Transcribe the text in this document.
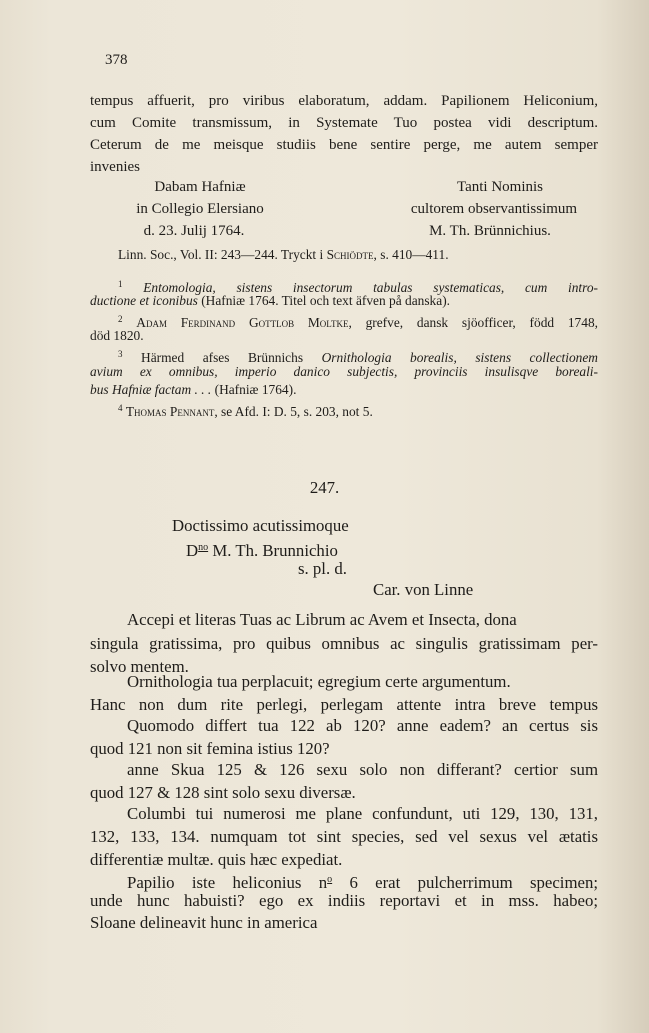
378
tempus affuerit, pro viribus elaboratum, addam. Papilionem Heliconium,
cum Comite transmissum, in Systemate Tuo postea vidi descriptum.
Ceterum de me meisque studiis bene sentire perge, me autem semper
invenies
Dabam Hafniæ
in Collegio Elersiano
d. 23. Julij 1764.
Tanti Nominis
cultorem observantissimum
M. Th. Brünnichius.
Linn. Soc., Vol. II: 243—244. Tryckt i Schiödte, s. 410—411.
$^1$ Entomologia, sistens insectorum tabulas systematicas, cum intro-
ductione et iconibus (Hafniæ 1764. Titel och text äfven på danska).
$^2$ Adam Ferdinand Gottlob Moltke, grefve, dansk sjöofficer, född 1748,
död 1820.
$^3$ Härmed afses Brünnichs Ornithologia borealis, sistens collectionem
avium ex omnibus, imperio danico subjectis, provinciis insulisqve boreali-
bus Hafniæ factam . . . (Hafniæ 1764).
$^4$ Thomas Pennant, se Afd. I: D. 5, s. 203, not 5.
247.
Doctissimo acutissimoque
$D^{no}$ M. Th. Brunnichio
s. pl. d.
Car. von Linne
Accepi et literas Tuas ac Librum ac Avem et Insecta, dona
singula gratissima, pro quibus omnibus ac singulis gratissimam per-
solvo mentem.
Ornithologia tua perplacuit; egregium certe argumentum.
Hanc non dum rite perlegi, perlegam attente intra breve tempus
Quomodo differt tua 122 ab 120? anne eadem? an certus sis
quod 121 non sit femina istius 120?
anne Skua 125 & 126 sexu solo non differant? certior sum
quod 127 & 128 sint solo sexu diversæ.
Columbi tui numerosi me plane confundunt, uti 129, 130, 131,
132, 133, 134. numquam tot sint species, sed vel sexus vel ætatis
differentiæ multæ. quis hæc expediat.
Papilio iste heliconius $n^o$ 6 erat pulcherrimum specimen;
unde hunc habuisti? ego ex indiis reportavi et in mss. habeo;
Sloane delineavit hunc in america
